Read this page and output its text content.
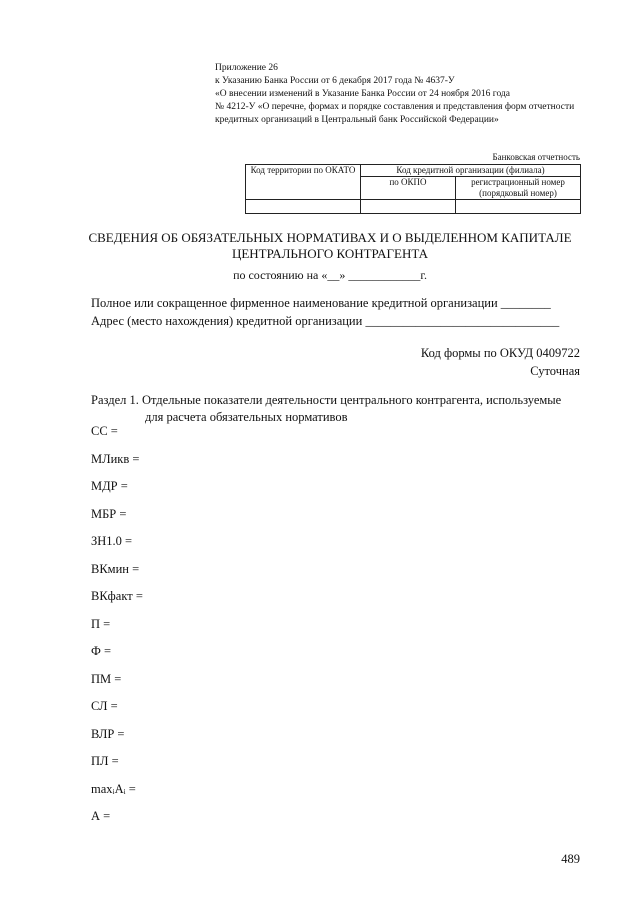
Приложение 26
к Указанию Банка России от 6 декабря 2017 года № 4637-У
«О внесении изменений в Указание Банка России от 24 ноября 2016 года
№ 4212-У «О перечне, формах и порядке составления и представления форм отчетности кредитных организаций в Центральный банк Российской Федерации»
Банковская отчетность
Код территории по ОКАТО	Код кредитной организации (филиала)	
	по ОКПО	регистрационный номер (порядковый номер)

СВЕДЕНИЯ ОБ ОБЯЗАТЕЛЬНЫХ НОРМАТИВАХ И О ВЫДЕЛЕННОМ КАПИТАЛЕ ЦЕНТРАЛЬНОГО КОНТРАГЕНТА
по состоянию на «__» ____________г.
Полное или сокращенное фирменное наименование кредитной организации ________
Адрес (место нахождения) кредитной организации _______________________________
Код формы по ОКУД 0409722
Суточная
Раздел 1. Отдельные показатели деятельности центрального контрагента, используемые
для расчета обязательных нормативов
СС =
МЛикв =
МДР =
МБР =
ЗН1.0 =
ВКмин =
ВКфакт =
П =
Ф =
ПМ =
СЛ =
ВЛР =
ПЛ =
maxᵢAᵢ =
А =
489
